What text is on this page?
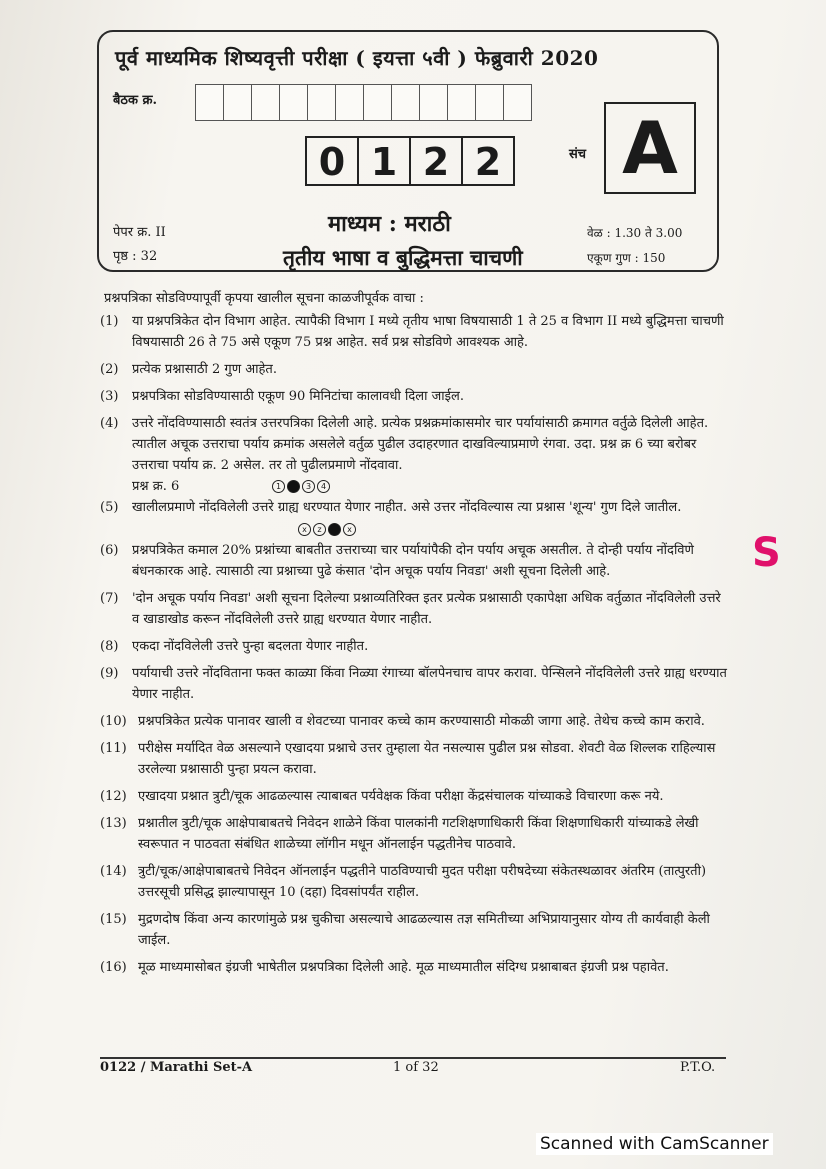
पूर्व माध्यमिक शिष्यवृत्ती परीक्षा ( इयत्ता ५वी ) फेब्रुवारी 2020
बैठक क्र.
0 1 2 2	संच A
पेपर क्र. II
पृष्ठ : 32
माध्यम : मराठी
तृतीय भाषा व बुद्धिमत्ता चाचणी
वेळ : 1.30 ते 3.00
एकूण गुण : 150
प्रश्नपत्रिका सोडविण्यापूर्वी कृपया खालील सूचना काळजीपूर्वक वाचा :
(1)	या प्रश्नपत्रिकेत दोन विभाग आहेत. त्यापैकी विभाग I मध्ये तृतीय भाषा विषयासाठी 1 ते 25 व विभाग II मध्ये बुद्धिमत्ता चाचणी विषयासाठी 26 ते 75 असे एकूण 75 प्रश्न आहेत. सर्व प्रश्न सोडविणे आवश्यक आहे.
(2)	प्रत्येक प्रश्नासाठी 2 गुण आहेत.
(3)	प्रश्नपत्रिका सोडविण्यासाठी एकूण 90 मिनिटांचा कालावधी दिला जाईल.
(4)	उत्तरे नोंदविण्यासाठी स्वतंत्र उत्तरपत्रिका दिलेली आहे. प्रत्येक प्रश्नक्रमांकासमोर चार पर्यायांसाठी क्रमागत वर्तुळे दिलेली आहेत. त्यातील अचूक उत्तराचा पर्याय क्रमांक असलेले वर्तुळ पुढील उदाहरणात दाखविल्याप्रमाणे रंगवा. उदा. प्रश्न क्र 6 च्या बरोबर उत्तराचा पर्याय क्र. 2 असेल. तर तो पुढीलप्रमाणे नोंदवावा.
प्रश्न क्र. 6	1	3	4
(5)	खालीलप्रमाणे नोंदविलेली उत्तरे ग्राह्य धरण्यात येणार नाहीत. असे उत्तर नोंदविल्यास त्या प्रश्नास 'शून्य' गुण दिले जातील.
x	z	x
(6)	प्रश्नपत्रिकेत कमाल 20% प्रश्नांच्या बाबतीत उत्तराच्या चार पर्यायांपैकी दोन पर्याय अचूक असतील. ते दोन्ही पर्याय नोंदविणे बंधनकारक आहे. त्यासाठी त्या प्रश्नाच्या पुढे कंसात 'दोन अचूक पर्याय निवडा' अशी सूचना दिलेली आहे.
(7)	'दोन अचूक पर्याय निवडा' अशी सूचना दिलेल्या प्रश्नाव्यतिरिक्त इतर प्रत्येक प्रश्नासाठी एकापेक्षा अधिक वर्तुळात नोंदविलेली उत्तरे व खाडाखोड करून नोंदविलेली उत्तरे ग्राह्य धरण्यात येणार नाहीत.
(8)	एकदा नोंदविलेली उत्तरे पुन्हा बदलता येणार नाहीत.
(9)	पर्यायाची उत्तरे नोंदविताना फक्त काळ्या किंवा निळ्या रंगाच्या बॉलपेनचाच वापर करावा. पेन्सिलने नोंदविलेली उत्तरे ग्राह्य धरण्यात येणार नाहीत.
(10) प्रश्नपत्रिकेत प्रत्येक पानावर खाली व शेवटच्या पानावर कच्चे काम करण्यासाठी मोकळी जागा आहे. तेथेच कच्चे काम करावे.
(11) परीक्षेस मर्यादित वेळ असल्याने एखादया प्रश्नाचे उत्तर तुम्हाला येत नसल्यास पुढील प्रश्न सोडवा. शेवटी वेळ शिल्लक राहिल्यास उरलेल्या प्रश्नासाठी पुन्हा प्रयत्न करावा.
(12) एखादया प्रश्नात त्रुटी/चूक आढळल्यास त्याबाबत पर्यवेक्षक किंवा परीक्षा केंद्रसंचालक यांच्याकडे विचारणा करू नये.
(13) प्रश्नातील त्रुटी/चूक आक्षेपाबाबतचे निवेदन शाळेने किंवा पालकांनी गटशिक्षणाधिकारी किंवा शिक्षणाधिकारी यांच्याकडे लेखी स्वरूपात न पाठवता संबंधित शाळेच्या लॉगीन मधून ऑनलाईन पद्धतीनेच पाठवावे.
(14) त्रुटी/चूक/आक्षेपाबाबतचे निवेदन ऑनलाईन पद्धतीने पाठविण्याची मुदत परीक्षा परीषदेच्या संकेतस्थळावर अंतरिम (तात्पुरती) उत्तरसूची प्रसिद्ध झाल्यापासून 10 (दहा) दिवसांपर्यंत राहील.
(15) मुद्रणदोष किंवा अन्य कारणांमुळे प्रश्न चुकीचा असल्याचे आढळल्यास तज्ञ समितीच्या अभिप्रायानुसार योग्य ती कार्यवाही केली जाईल.
(16) मूळ माध्यमासोबत इंग्रजी भाषेतील प्रश्नपत्रिका दिलेली आहे. मूळ माध्यमातील संदिग्ध प्रश्नाबाबत इंग्रजी प्रश्न पहावेत.
0122 / Marathi Set-A	1 of 32	P.T.O.
S
Scanned with CamScanner
